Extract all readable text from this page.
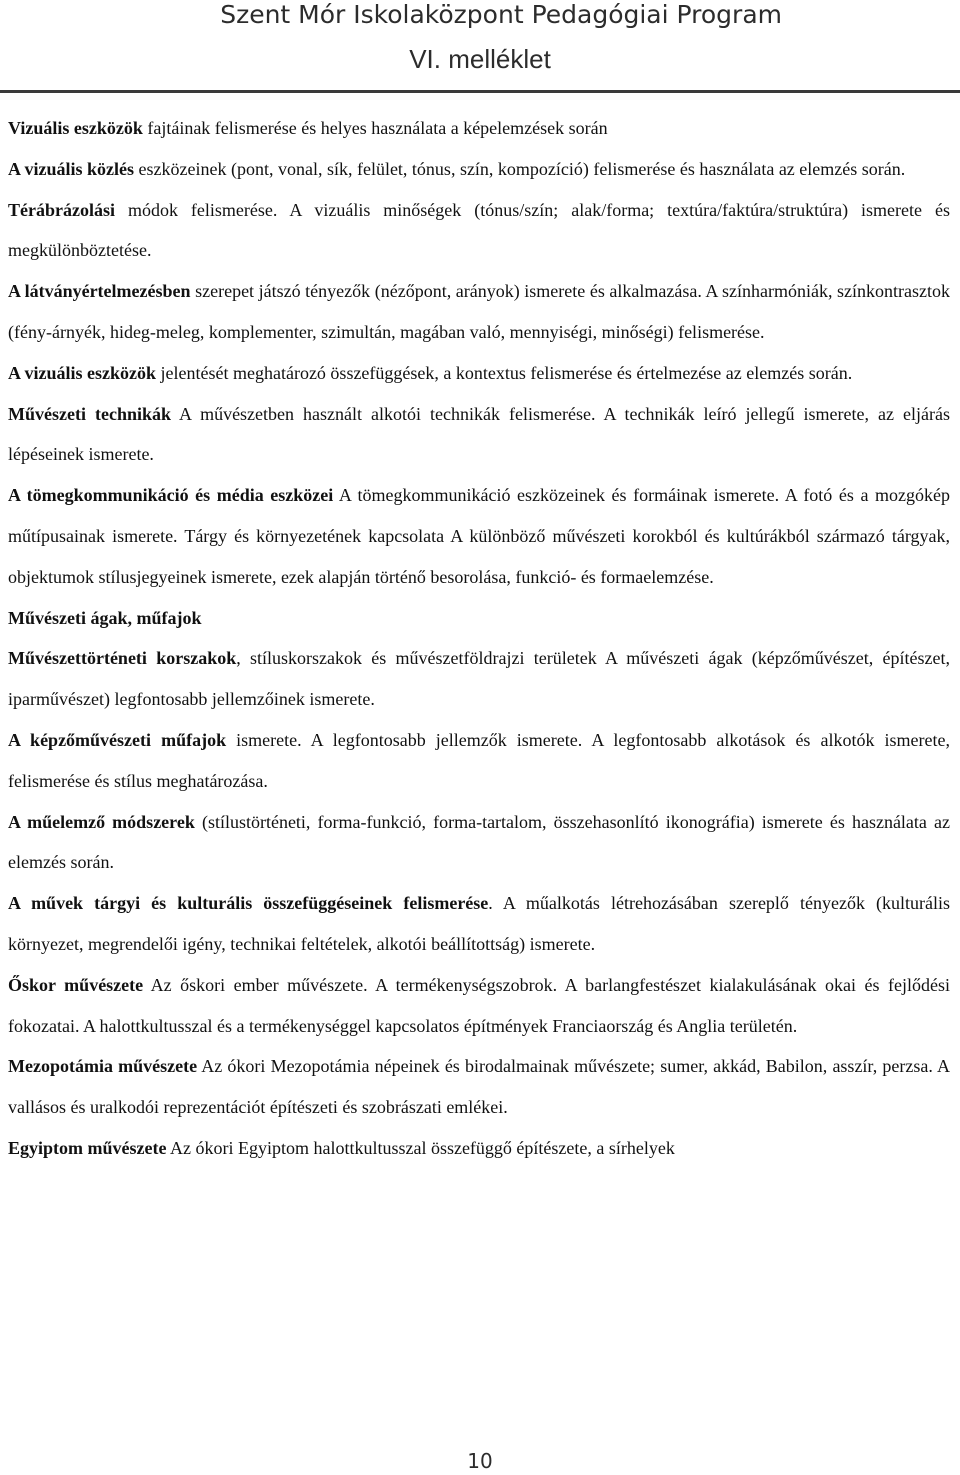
Szent Mór Iskolaközpont Pedagógiai Program
VI. melléklet

Vizuális eszközök fajtáinak felismerése és helyes használata a képelemzések során

A vizuális közlés eszközeinek (pont, vonal, sík, felület, tónus, szín, kompozíció) felismerése és használata az elemzés során.

Térábrázolási módok felismerése. A vizuális minőségek (tónus/szín; alak/forma; textúra/faktúra/struktúra) ismerete és megkülönböztetése.

A látványértelmezésben szerepet játszó tényezők (nézőpont, arányok) ismerete és alkalmazása. A színharmóniák, színkontrasztok (fény-árnyék, hideg-meleg, komplementer, szimultán, magában való, mennyiségi, minőségi) felismerése.

A vizuális eszközök jelentését meghatározó összefüggések, a kontextus felismerése és értelmezése az elemzés során.

Művészeti technikák A művészetben használt alkotói technikák felismerése. A technikák leíró jellegű ismerete, az eljárás lépéseinek ismerete.

A tömegkommunikáció és média eszközei A tömegkommunikáció eszközeinek és formáinak ismerete. A fotó és a mozgókép műtípusainak ismerete. Tárgy és környezetének kapcsolata A különböző művészeti korokból és kultúrákból származó tárgyak, objektumok stílusjegyeinek ismerete, ezek alapján történő besorolása, funkció- és formaelemzése.

Művészeti ágak, műfajok

Művészettörténeti korszakok, stíluskorszakok és művészetföldrajzi területek A művészeti ágak (képzőművészet, építészet, iparművészet) legfontosabb jellemzőinek ismerete.

A képzőművészeti műfajok ismerete. A legfontosabb jellemzők ismerete. A legfontosabb alkotások és alkotók ismerete, felismerése és stílus meghatározása.

A műelemző módszerek (stílustörténeti, forma-funkció, forma-tartalom, összehasonlító ikonográfia) ismerete és használata az elemzés során.

A művek tárgyi és kulturális összefüggéseinek felismerése. A műalkotás létrehozásában szereplő tényezők (kulturális környezet, megrendelői igény, technikai feltételek, alkotói beállítottság) ismerete.

Őskor művészete Az őskori ember művészete. A termékenységszobrok. A barlangfestészet kialakulásának okai és fejlődési fokozatai. A halottkultusszal és a termékenységgel kapcsolatos építmények Franciaország és Anglia területén.

Mezopotámia művészete Az ókori Mezopotámia népeinek és birodalmainak művészete; sumer, akkád, Babilon, asszír, perzsa. A vallásos és uralkodói reprezentációt építészeti és szobrászati emlékei.

Egyiptom művészete Az ókori Egyiptom halottkultusszal összefüggő építészete, a sírhelyek

10
